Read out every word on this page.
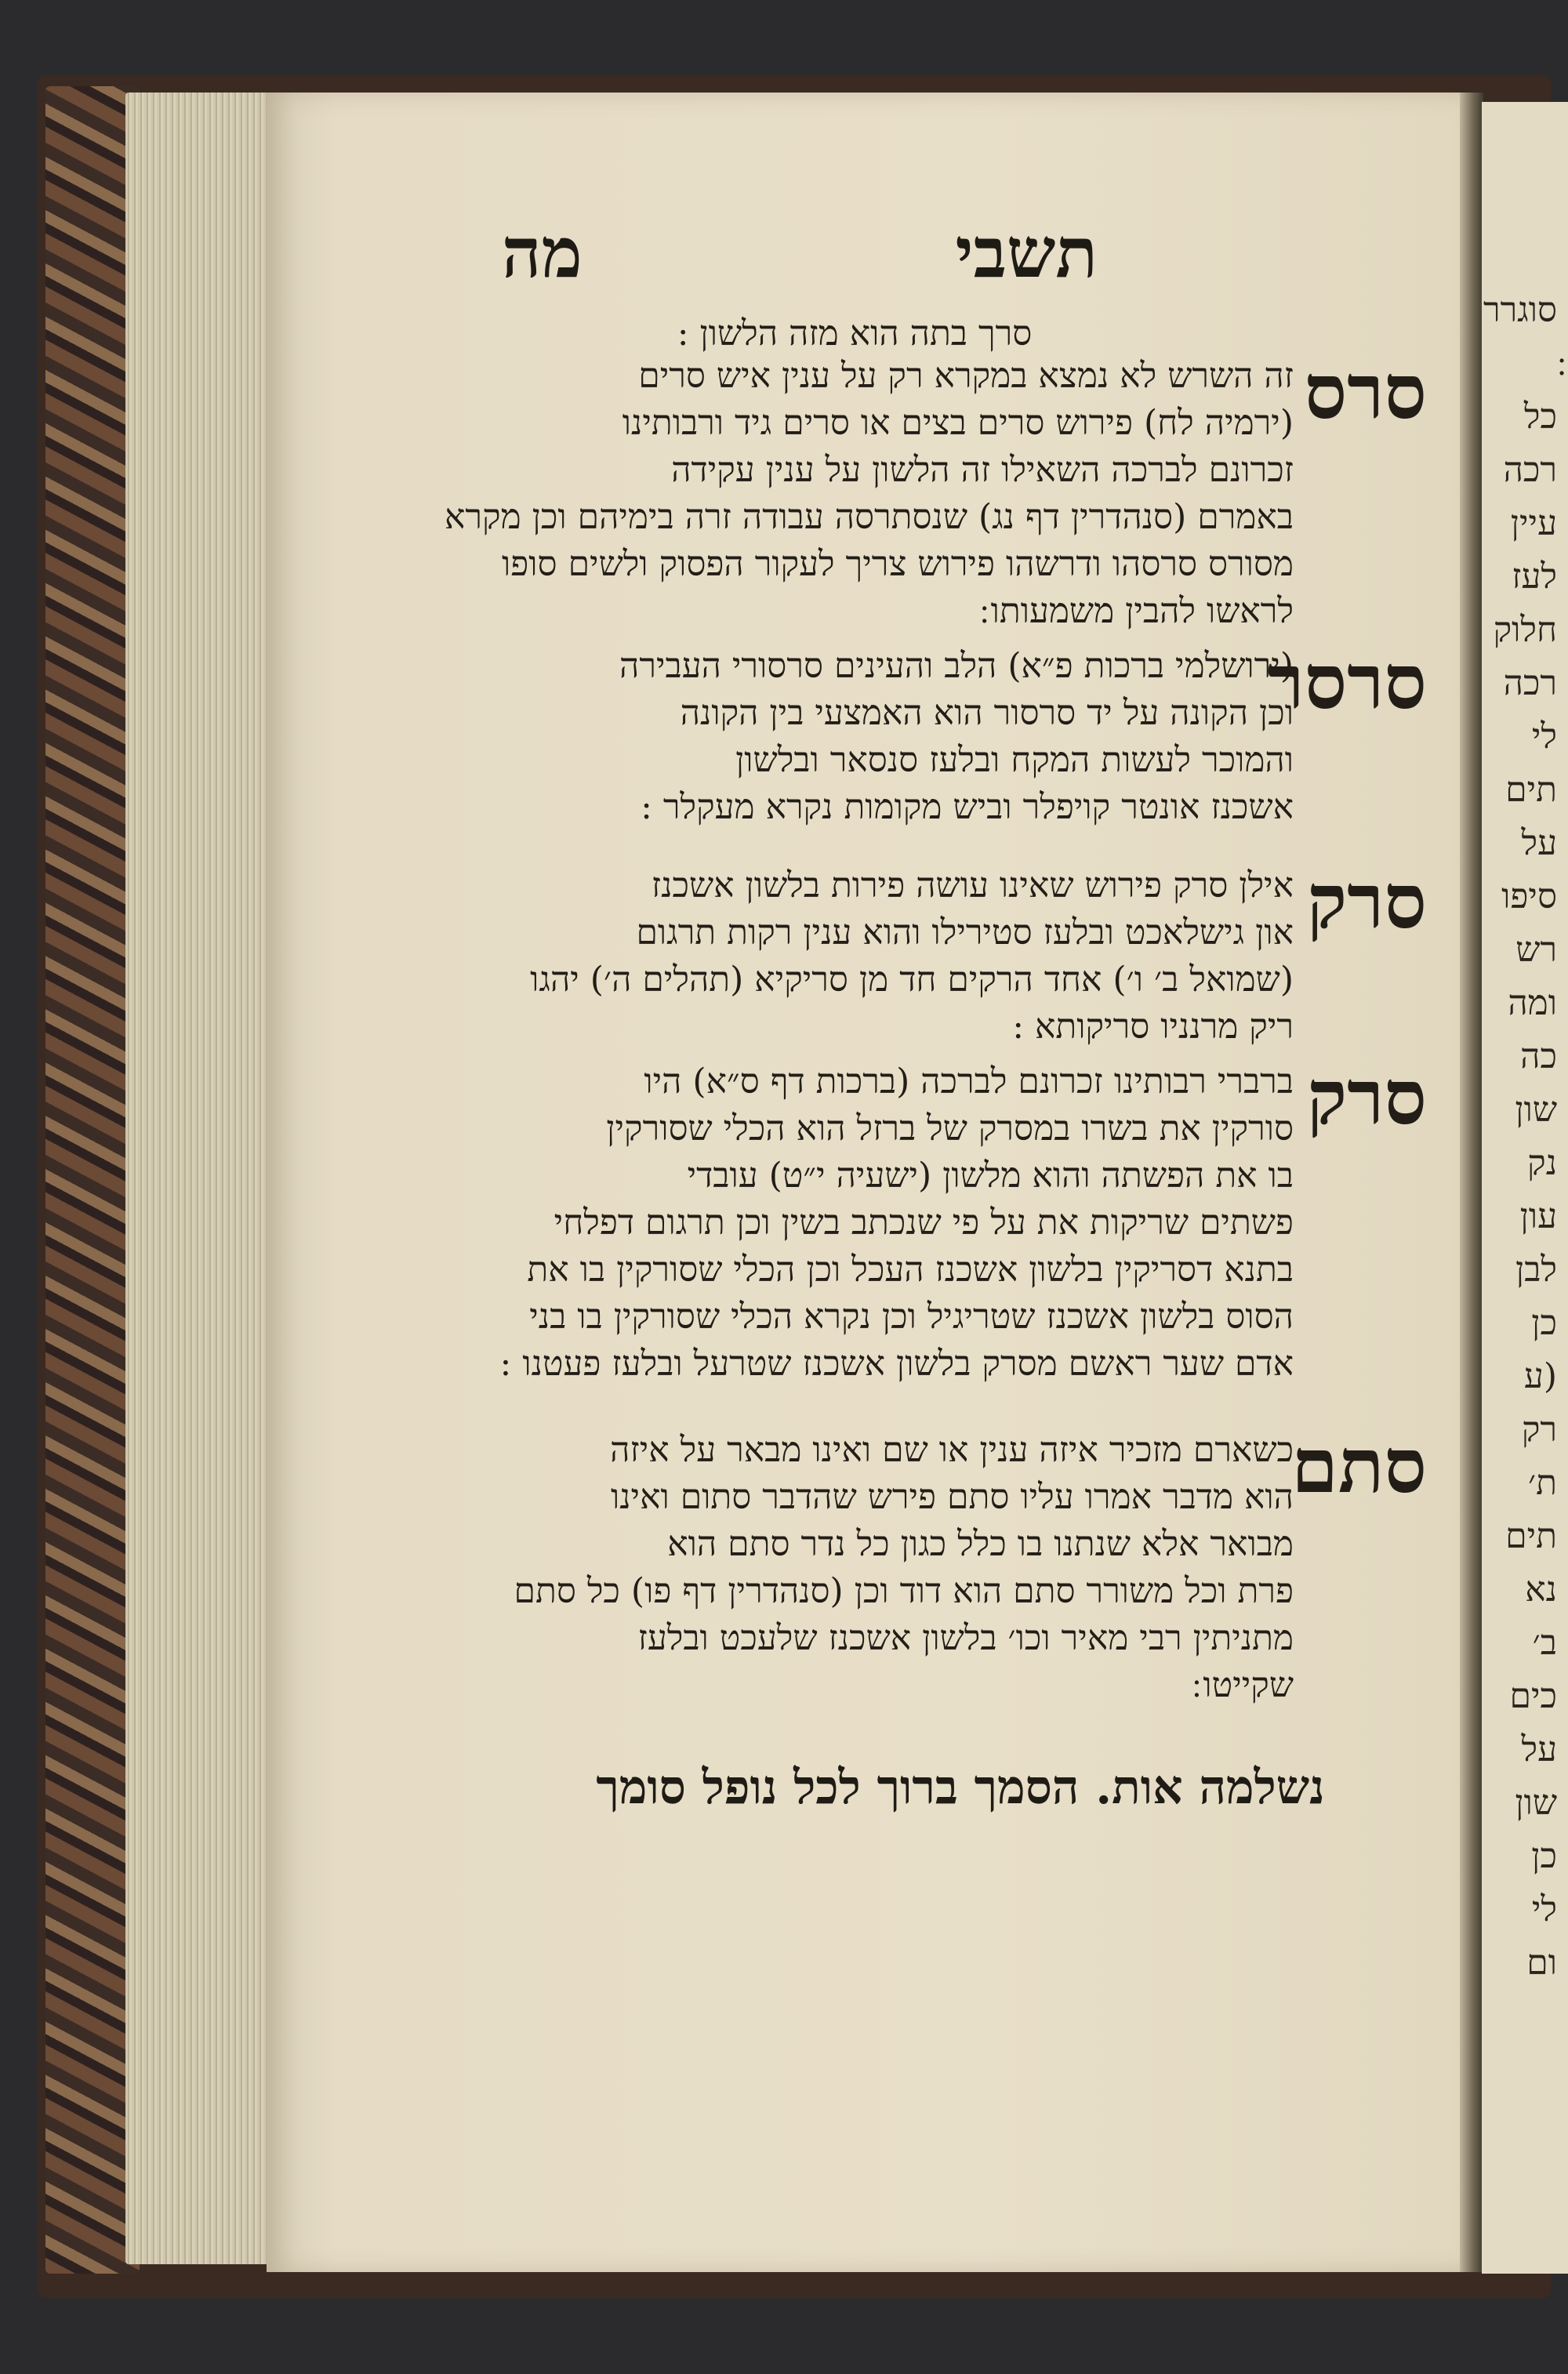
תשבי
מה
סרך בתה הוא מזה הלשון :
סרס
זה השרש לא נמצא במקרא רק על ענין איש סרים
(ירמיה לח) פירוש סרים בצים או סרים גיד ורבותינו
זכרונם לברכה השאילו זה הלשון על ענין עקידה
באמרם (סנהדרין דף נג) שנסתרסה עבודה זרה בימיהם וכן מקרא
מסורס סרסהו ודרשהו פירוש צריך לעקור הפסוק ולשים סופו
לראשו להבין משמעותו ׃
סרסר
(ירושלמי ברכות פ״א) הלב והעינים סרסורי העבירה
וכן הקונה על יד סרסור הוא האמצעי בין הקונה
והמוכר לעשות המקח ובלעז סנסאר ובלשון
אשכנז אונטר קויפלר וביש מקומות נקרא מעקלר :
סרק
אילן סרק פירוש שאינו עושה פירות בלשון אשכנז
און גישלאכט ובלעז סטירילו והוא ענין רקות תרגום
(שמואל ב׳ ו׳) אחד הרקים חד מן סריקיא (תהלים ה׳) יהגו
ריק מרנניו סריקותא :
סרק
ברברי רבותינו זכרונם לברכה (ברכות דף ס״א) היו
סורקין את בשרו במסרק של ברזל הוא הכלי שסורקין
בו את הפשתה והוא מלשון (ישעיה י״ט) עובדי
פשתים שריקות את על פי שנכתב בשין וכן תרגום דפלחי
בתנא דסריקין בלשון אשכנז העכל וכן הכלי שסורקין בו את
הסוס בלשון אשכנז שטריגיל וכן נקרא הכלי שסורקין בו בני
אדם שער ראשם מסרק בלשון אשכנז שטרעל ובלעז פעטנו :
סתם
כשארם מזכיר איזה ענין או שם ואינו מבאר על איזה
הוא מדבר אמרו עליו סתם פירש שהדבר סתום ואינו
מבואר אלא שנתנו בו כלל כגון כל נדר סתם הוא
פרת וכל משורר סתם הוא דוד וכן (סנהדרין דף פו) כל סתם
מתניתין רבי מאיר וכו׳ בלשון אשכנז שלעכט ובלעז
שקייטו ׃
נשלמה אות. הסמך ברוך לכל נופל סומך
סוגרר
כל
רכה
עיין
לעז
חלוק
רכה
לי
תים
על
סיפו
רש
ומה
כה
שון
נק
עון
לבן
כן
(ע
רק
ת׳
תים
נא
ב׳
כים
על
שון
כן
לי
ום
